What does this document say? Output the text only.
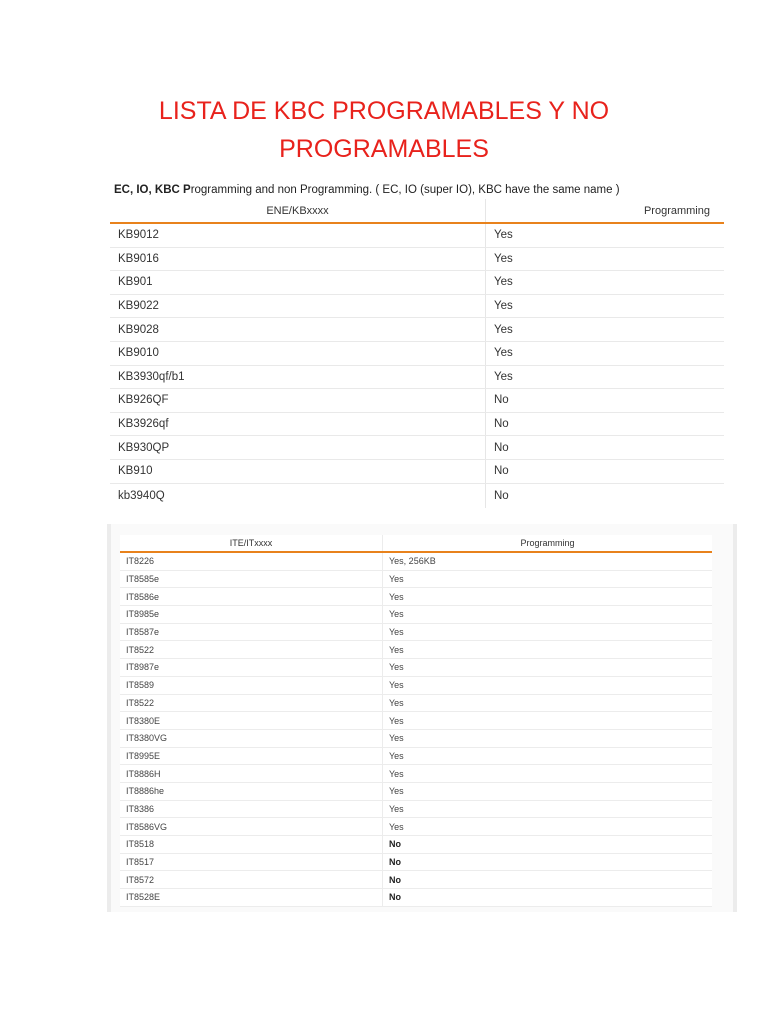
LISTA DE KBC PROGRAMABLES Y NO PROGRAMABLES
EC, IO, KBC Programming and non Programming. ( EC, IO (super IO), KBC have the same name )
ENE/KBxxxx	Programming
KB9012	Yes
KB9016	Yes
KB901	Yes
KB9022	Yes
KB9028	Yes
KB9010	Yes
KB3930qf/b1	Yes
KB926QF	No
KB3926qf	No
KB930QP	No
KB910	No
kb3940Q	No
ITE/ITxxxx	Programming
IT8226	Yes, 256KB
IT8585e	Yes
IT8586e	Yes
IT8985e	Yes
IT8587e	Yes
IT8522	Yes
IT8987e	Yes
IT8589	Yes
IT8522	Yes
IT8380E	Yes
IT8380VG	Yes
IT8995E	Yes
IT8886H	Yes
IT8886he	Yes
IT8386	Yes
IT8586VG	Yes
IT8518	No
IT8517	No
IT8572	No
IT8528E	No
